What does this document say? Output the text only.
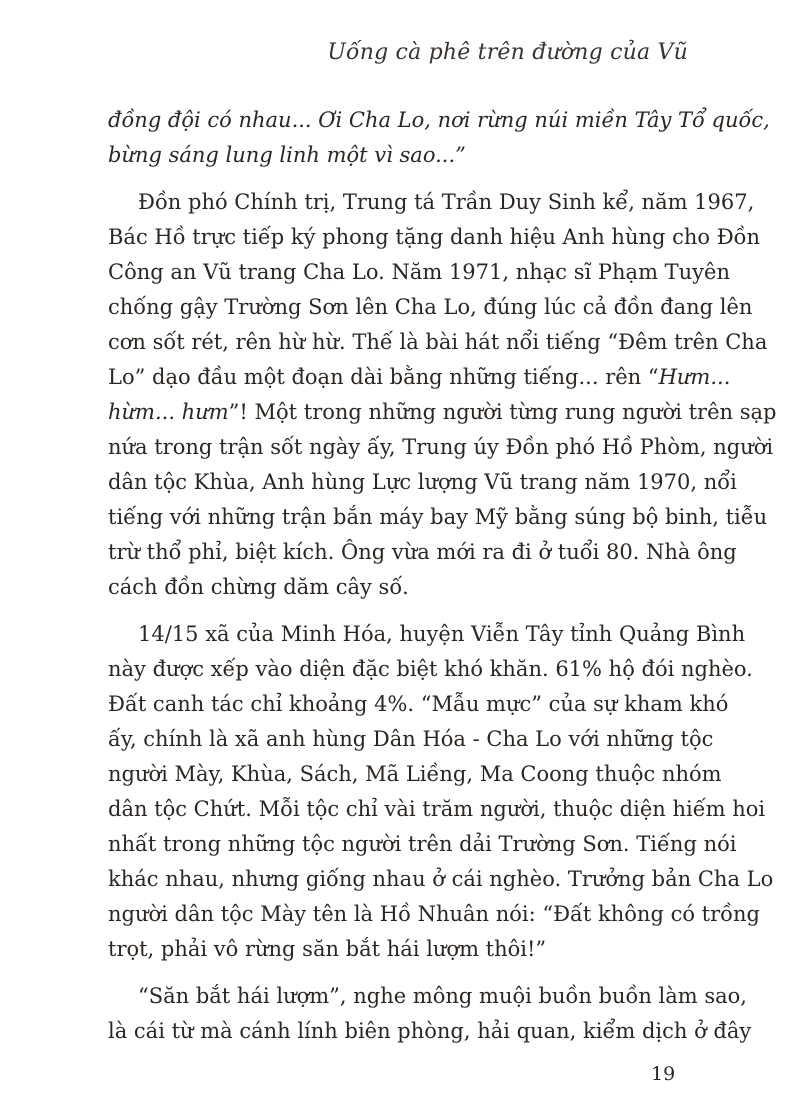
Uống cà phê trên đường của Vũ
đồng đội có nhau... Ơi Cha Lo, nơi rừng núi miền Tây Tổ quốc,
bừng sáng lung linh một vì sao...”
Đồn phó Chính trị, Trung tá Trần Duy Sinh kể, năm 1967,
Bác Hồ trực tiếp ký phong tặng danh hiệu Anh hùng cho Đồn
Công an Vũ trang Cha Lo. Năm 1971, nhạc sĩ Phạm Tuyên
chống gậy Trường Sơn lên Cha Lo, đúng lúc cả đồn đang lên
cơn sốt rét, rên hừ hừ. Thế là bài hát nổi tiếng “Đêm trên Cha
Lo” dạo đầu một đoạn dài bằng những tiếng... rên “Hưm...
hừm... hưm”! Một trong những người từng rung người trên sạp
nứa trong trận sốt ngày ấy, Trung úy Đồn phó Hồ Phòm, người
dân tộc Khùa, Anh hùng Lực lượng Vũ trang năm 1970, nổi
tiếng với những trận bắn máy bay Mỹ bằng súng bộ binh, tiễu
trừ thổ phỉ, biệt kích. Ông vừa mới ra đi ở tuổi 80. Nhà ông
cách đồn chừng dăm cây số.
14/15 xã của Minh Hóa, huyện Viễn Tây tỉnh Quảng Bình
này được xếp vào diện đặc biệt khó khăn. 61% hộ đói nghèo.
Đất canh tác chỉ khoảng 4%. “Mẫu mực” của sự kham khó
ấy, chính là xã anh hùng Dân Hóa - Cha Lo với những tộc
người Mày, Khùa, Sách, Mã Liềng, Ma Coong thuộc nhóm
dân tộc Chứt. Mỗi tộc chỉ vài trăm người, thuộc diện hiếm hoi
nhất trong những tộc người trên dải Trường Sơn. Tiếng nói
khác nhau, nhưng giống nhau ở cái nghèo. Trưởng bản Cha Lo
người dân tộc Mày tên là Hồ Nhuân nói: “Đất không có trồng
trọt, phải vô rừng săn bắt hái lượm thôi!”
“Săn bắt hái lượm”, nghe mông muội buồn buồn làm sao,
là cái từ mà cánh lính biên phòng, hải quan, kiểm dịch ở đây
19
